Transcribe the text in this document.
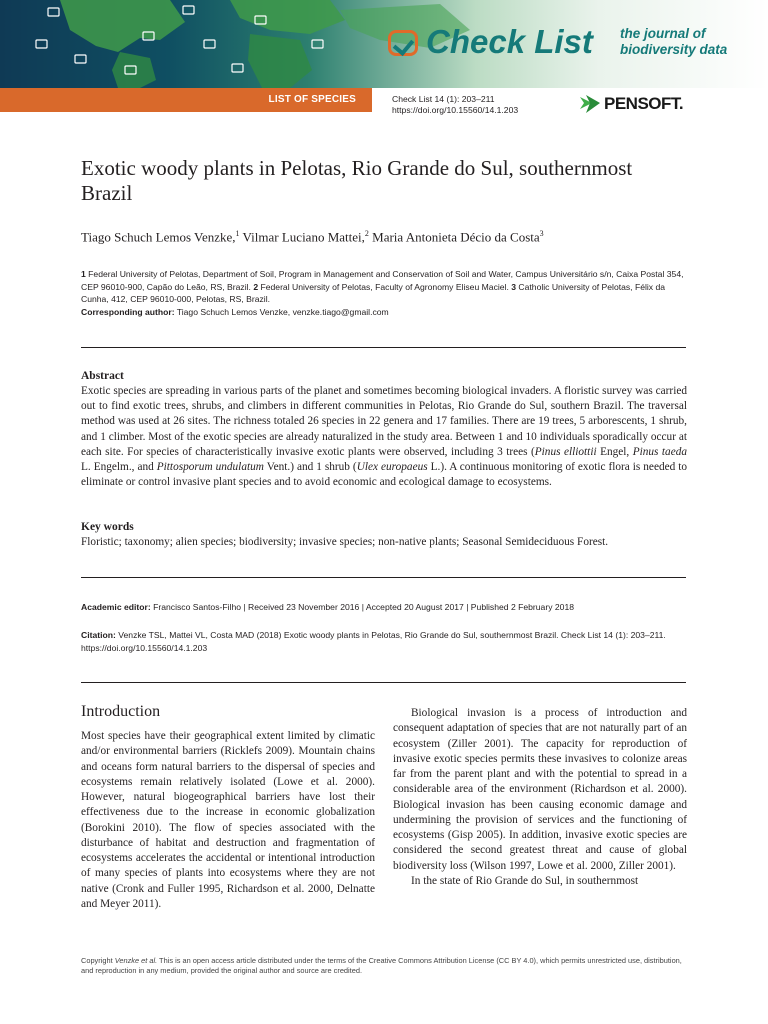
Check List the journal of
biodiversity data
LIST OF SPECIES	Check List 14 (1): 203–211
https://doi.org/10.15560/14.1.203	PENSOFT.
Exotic woody plants in Pelotas, Rio Grande do Sul, southernmost Brazil
Tiago Schuch Lemos Venzke,$^1$ Vilmar Luciano Mattei,$^2$ Maria Antonieta Décio da Costa$^3$
1 Federal University of Pelotas, Department of Soil, Program in Management and Conservation of Soil and Water, Campus Universitário s/n, Caixa Postal 354, CEP 96010-900, Capão do Leão, RS, Brazil. 2 Federal University of Pelotas, Faculty of Agronomy Eliseu Maciel. 3 Catholic University of Pelotas, Félix da Cunha, 412, CEP 96010-000, Pelotas, RS, Brazil.
Corresponding author: Tiago Schuch Lemos Venzke, venzke.tiago@gmail.com
Abstract
Exotic species are spreading in various parts of the planet and sometimes becoming biological invaders. A floristic survey was carried out to find exotic trees, shrubs, and climbers in different communities in Pelotas, Rio Grande do Sul, southern Brazil. The traversal method was used at 26 sites. The richness totaled 26 species in 22 genera and 17 families. There are 19 trees, 5 arborescents, 1 shrub, and 1 climber. Most of the exotic species are already naturalized in the study area. Between 1 and 10 individuals sporadically occur at each site. For species of characteristically invasive exotic plants were observed, including 3 trees (Pinus elliottii Engel, Pinus taeda L. Engelm., and Pittosporum undulatum Vent.) and 1 shrub (Ulex europaeus L.). A continuous monitoring of exotic flora is needed to eliminate or control invasive plant species and to avoid economic and ecological damage to ecosystems.
Key words
Floristic; taxonomy; alien species; biodiversity; invasive species; non-native plants; Seasonal Semideciduous Forest.
Academic editor: Francisco Santos-Filho | Received 23 November 2016 | Accepted 20 August 2017 | Published 2 February 2018
Citation: Venzke TSL, Mattei VL, Costa MAD (2018) Exotic woody plants in Pelotas, Rio Grande do Sul, southernmost Brazil. Check List 14 (1): 203–211. https://doi.org/10.15560/14.1.203
Introduction

Most species have their geographical extent limited by climatic and/or environmental barriers (Ricklefs 2009). Mountain chains and oceans form natural barriers to the dispersal of species and ecosystems remain relatively isolated (Lowe et al. 2000). However, natural biogeographical barriers have lost their effectiveness due to the increase in economic globalization (Borokini 2010). The flow of species associated with the disturbance of habitat and destruction and fragmentation of ecosystems accelerates the accidental or intentional introduction of many species of plants into ecosystems where they are not native (Cronk and Fuller 1995, Richardson et al. 2000, Delnatte and Meyer 2011).

Biological invasion is a process of introduction and consequent adaptation of species that are not naturally part of an ecosystem (Ziller 2001). The capacity for reproduction of invasive exotic species permits these invasives to colonize areas far from the parent plant and with the potential to spread in a considerable area of the environment (Richardson et al. 2000). Biological invasion has been causing economic damage and undermining the provision of services and the functioning of ecosystems (Gisp 2005). In addition, invasive exotic species are considered the second greatest threat and cause of global biodiversity loss (Wilson 1997, Lowe et al. 2000, Ziller 2001).

In the state of Rio Grande do Sul, in southernmost

Copyright Venzke et al. This is an open access article distributed under the terms of the Creative Commons Attribution License (CC BY 4.0), which permits unrestricted use, distribution, and reproduction in any medium, provided the original author and source are credited.
